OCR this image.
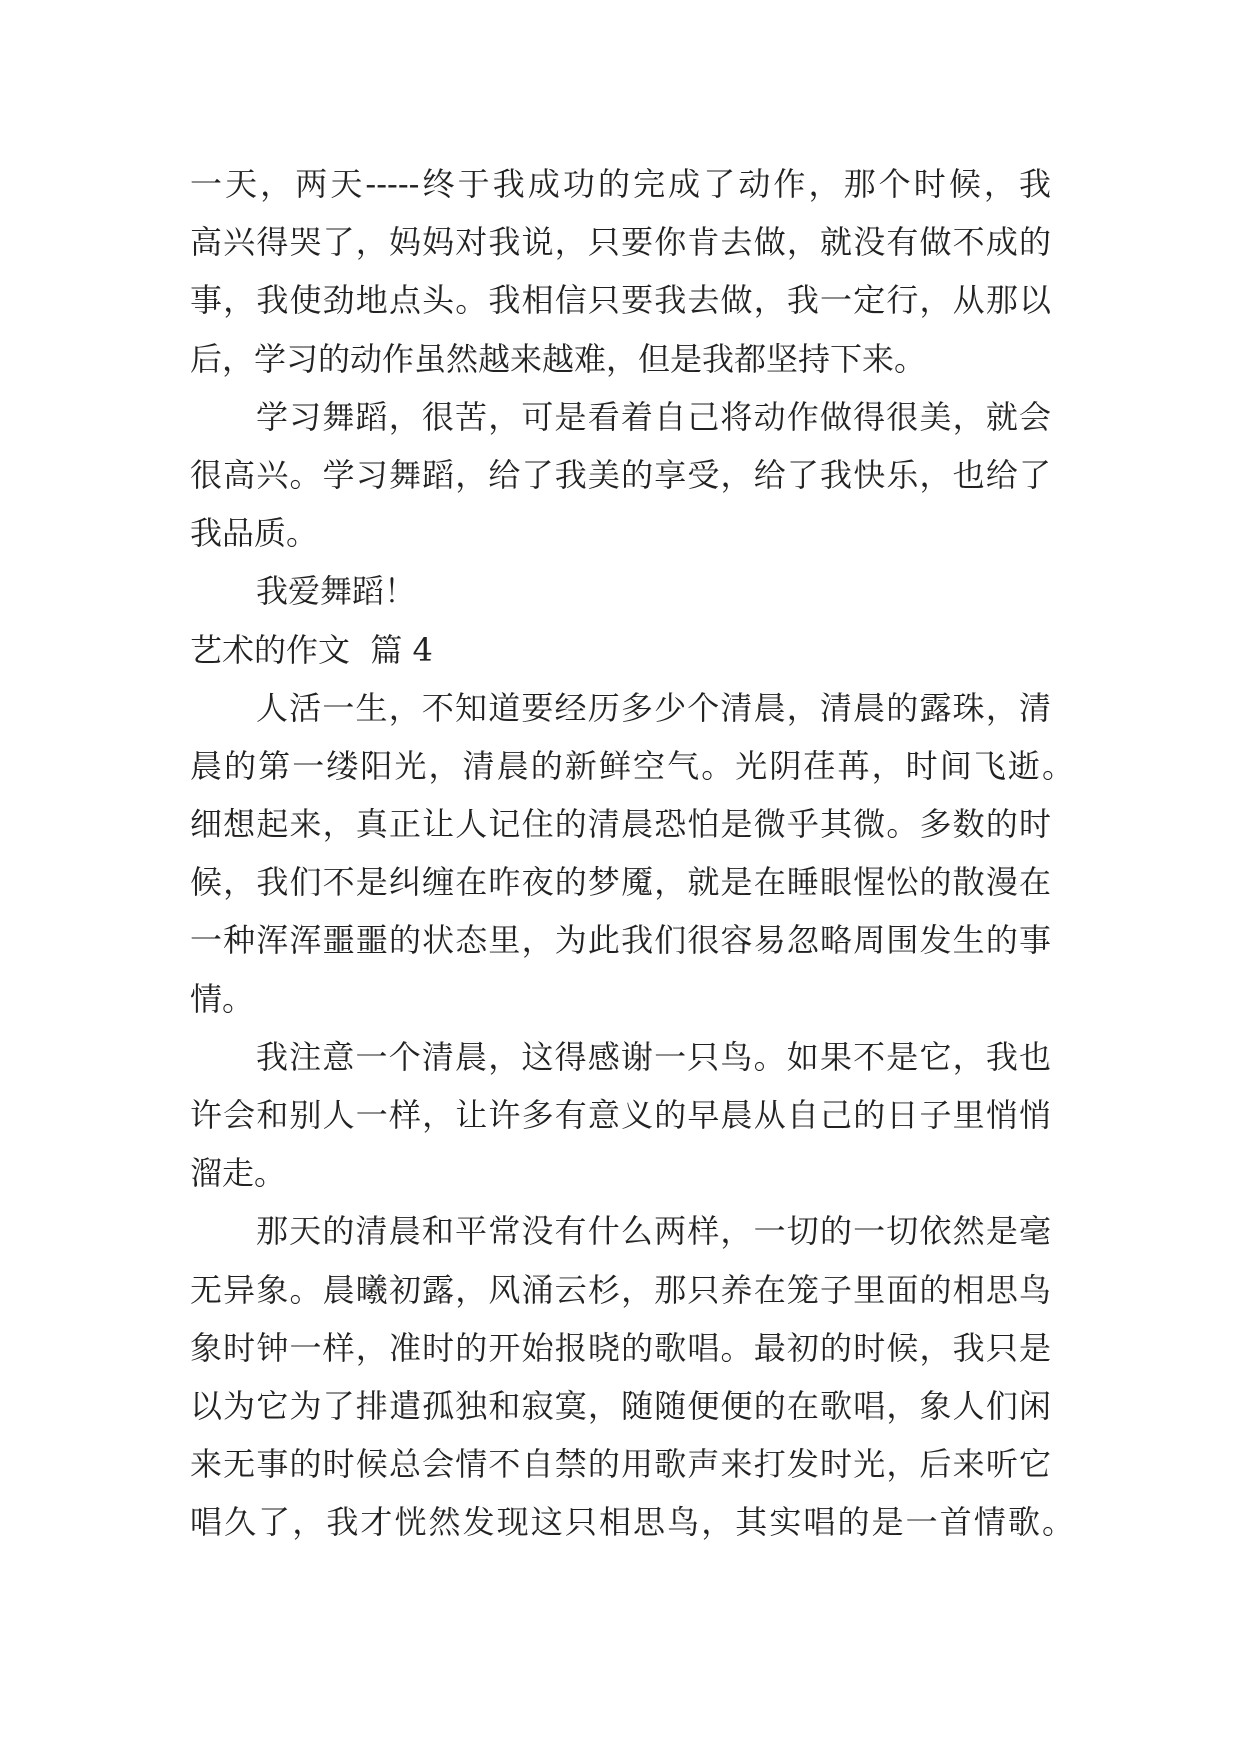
一天，两天-----终于我成功的完成了动作，那个时候，我
高兴得哭了，妈妈对我说，只要你肯去做，就没有做不成的
事，我使劲地点头。我相信只要我去做，我一定行，从那以
后，学习的动作虽然越来越难，但是我都坚持下来。
学习舞蹈，很苦，可是看着自己将动作做得很美，就会
很高兴。学习舞蹈，给了我美的享受，给了我快乐，也给了
我品质。
我爱舞蹈！
艺术的作文  篇 4
人活一生，不知道要经历多少个清晨，清晨的露珠，清
晨的第一缕阳光，清晨的新鲜空气。光阴荏苒，时间飞逝。
细想起来，真正让人记住的清晨恐怕是微乎其微。多数的时
候，我们不是纠缠在昨夜的梦魇，就是在睡眼惺忪的散漫在
一种浑浑噩噩的状态里，为此我们很容易忽略周围发生的事
情。
我注意一个清晨，这得感谢一只鸟。如果不是它，我也
许会和别人一样，让许多有意义的早晨从自己的日子里悄悄
溜走。
那天的清晨和平常没有什么两样，一切的一切依然是毫
无异象。晨曦初露，风涌云杉，那只养在笼子里面的相思鸟
象时钟一样，准时的开始报晓的歌唱。最初的时候，我只是
以为它为了排遣孤独和寂寞，随随便便的在歌唱，象人们闲
来无事的时候总会情不自禁的用歌声来打发时光，后来听它
唱久了，我才恍然发现这只相思鸟，其实唱的是一首情歌。
